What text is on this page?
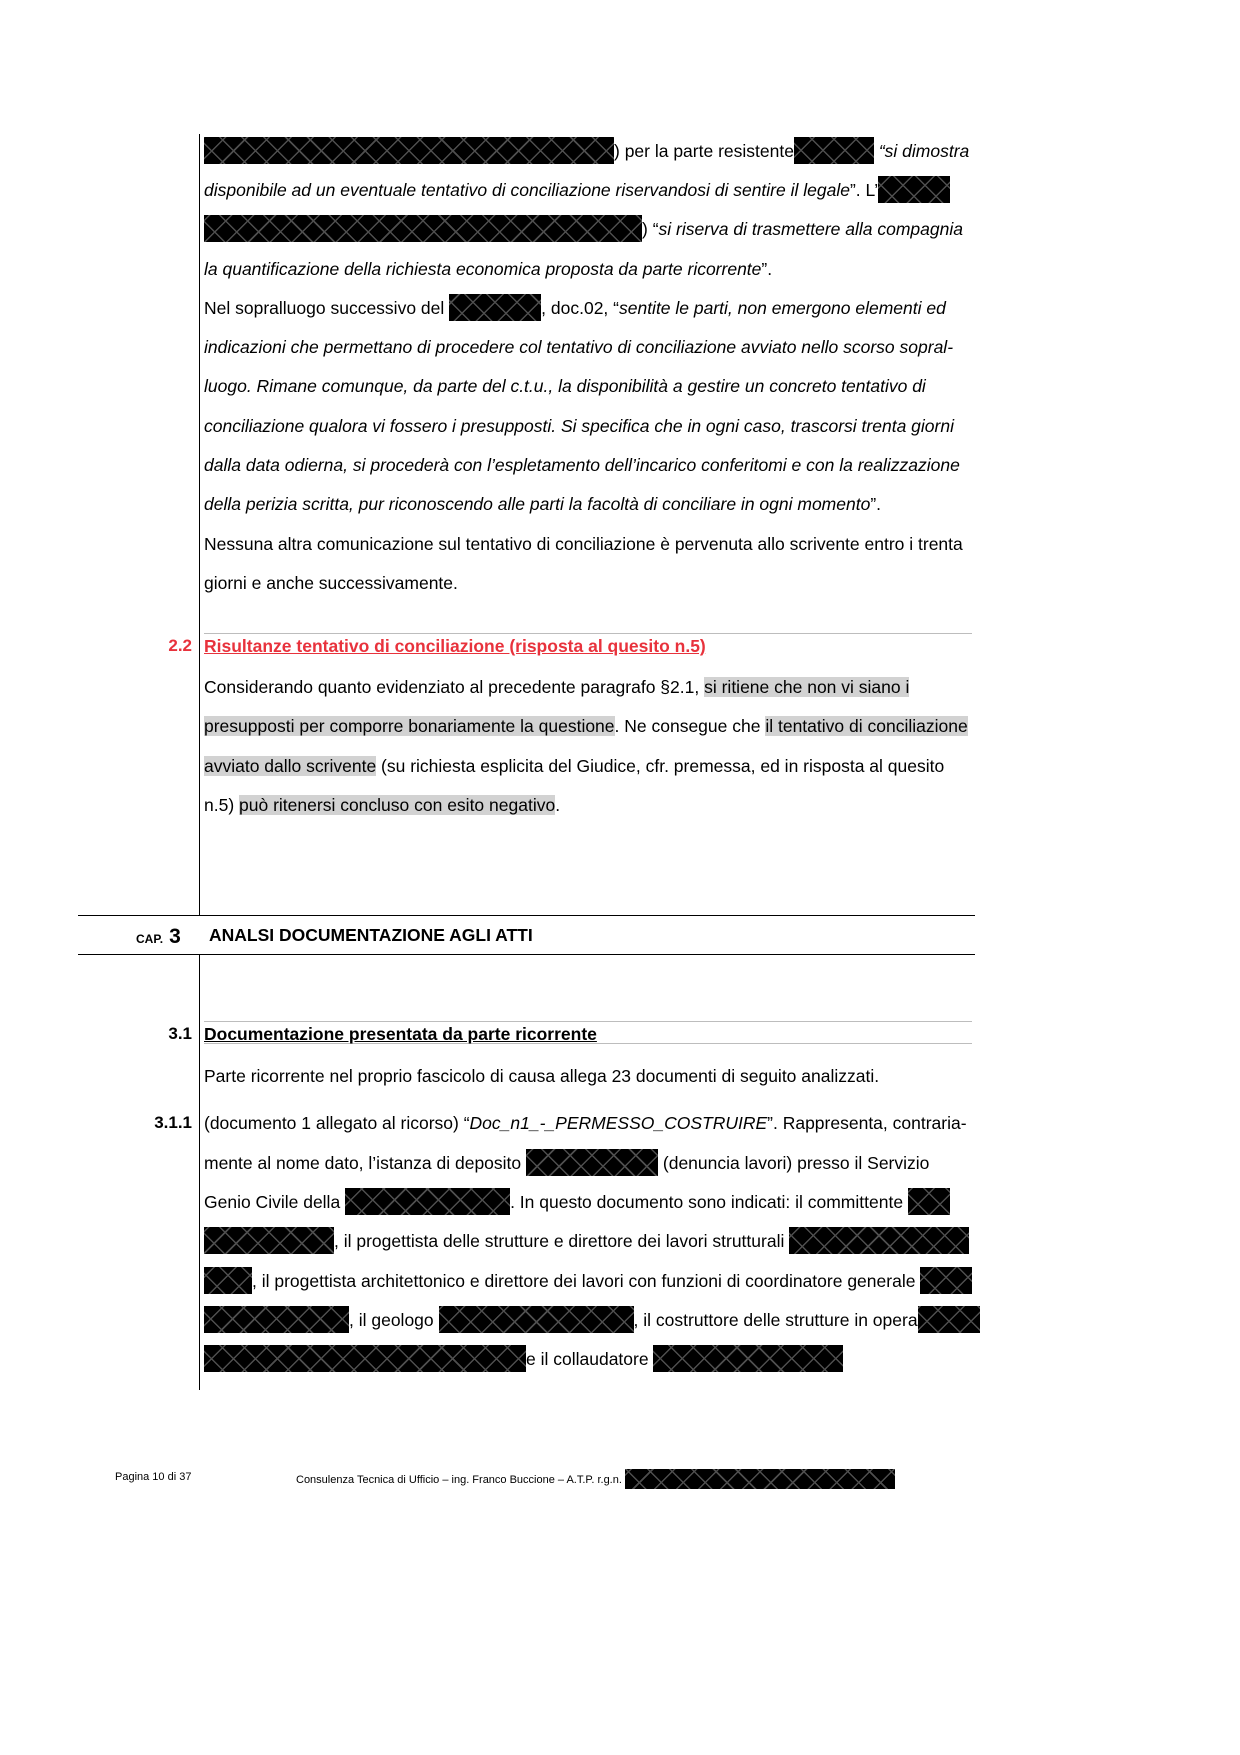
) per la parte resistente	“si dimostra
disponibile ad un eventuale tentativo di conciliazione riservandosi di sentire il legale”. L’
) “si riserva di trasmettere alla compagnia
la quantificazione della richiesta economica proposta da parte ricorrente”.
Nel sopralluogo successivo del	, doc.02, “sentite le parti, non emergono elementi ed
indicazioni che permettano di procedere col tentativo di conciliazione avviato nello scorso sopral-
luogo. Rimane comunque, da parte del c.t.u., la disponibilità a gestire un concreto tentativo di
conciliazione qualora vi fossero i presupposti. Si specifica che in ogni caso, trascorsi trenta giorni
dalla data odierna, si procederà con l’espletamento dell’incarico conferitomi e con la realizzazione
della perizia scritta, pur riconoscendo alle parti la facoltà di conciliare in ogni momento”.
Nessuna altra comunicazione sul tentativo di conciliazione è pervenuta allo scrivente entro i trenta
giorni e anche successivamente.
2.2 Risultanze tentativo di conciliazione (risposta al quesito n.5)
Considerando quanto evidenziato al precedente paragrafo §2.1, si ritiene che non vi siano i
presupposti per comporre bonariamente la questione. Ne consegue che il tentativo di conciliazione
avviato dallo scrivente (su richiesta esplicita del Giudice, cfr. premessa, ed in risposta al quesito
n.5) può ritenersi concluso con esito negativo.
CAP. 3 ANALSI DOCUMENTAZIONE AGLI ATTI
3.1 Documentazione presentata da parte ricorrente
Parte ricorrente nel proprio fascicolo di causa allega 23 documenti di seguito analizzati.
3.1.1 (documento 1 allegato al ricorso) “Doc_n1_-_PERMESSO_COSTRUIRE”. Rappresenta, contraria-
mente al nome dato, l’istanza di deposito	(denuncia lavori) presso il Servizio
Genio Civile della	. In questo documento sono indicati: il committente
, il progettista delle strutture e direttore dei lavori strutturali
, il progettista architettonico e direttore dei lavori con funzioni di coordinatore generale
, il geologo	, il costruttore delle strutture in opera
e il collaudatore
Pagina 10 di 37	Consulenza Tecnica di Ufficio – ing. Franco Buccione – A.T.P. r.g.n.
